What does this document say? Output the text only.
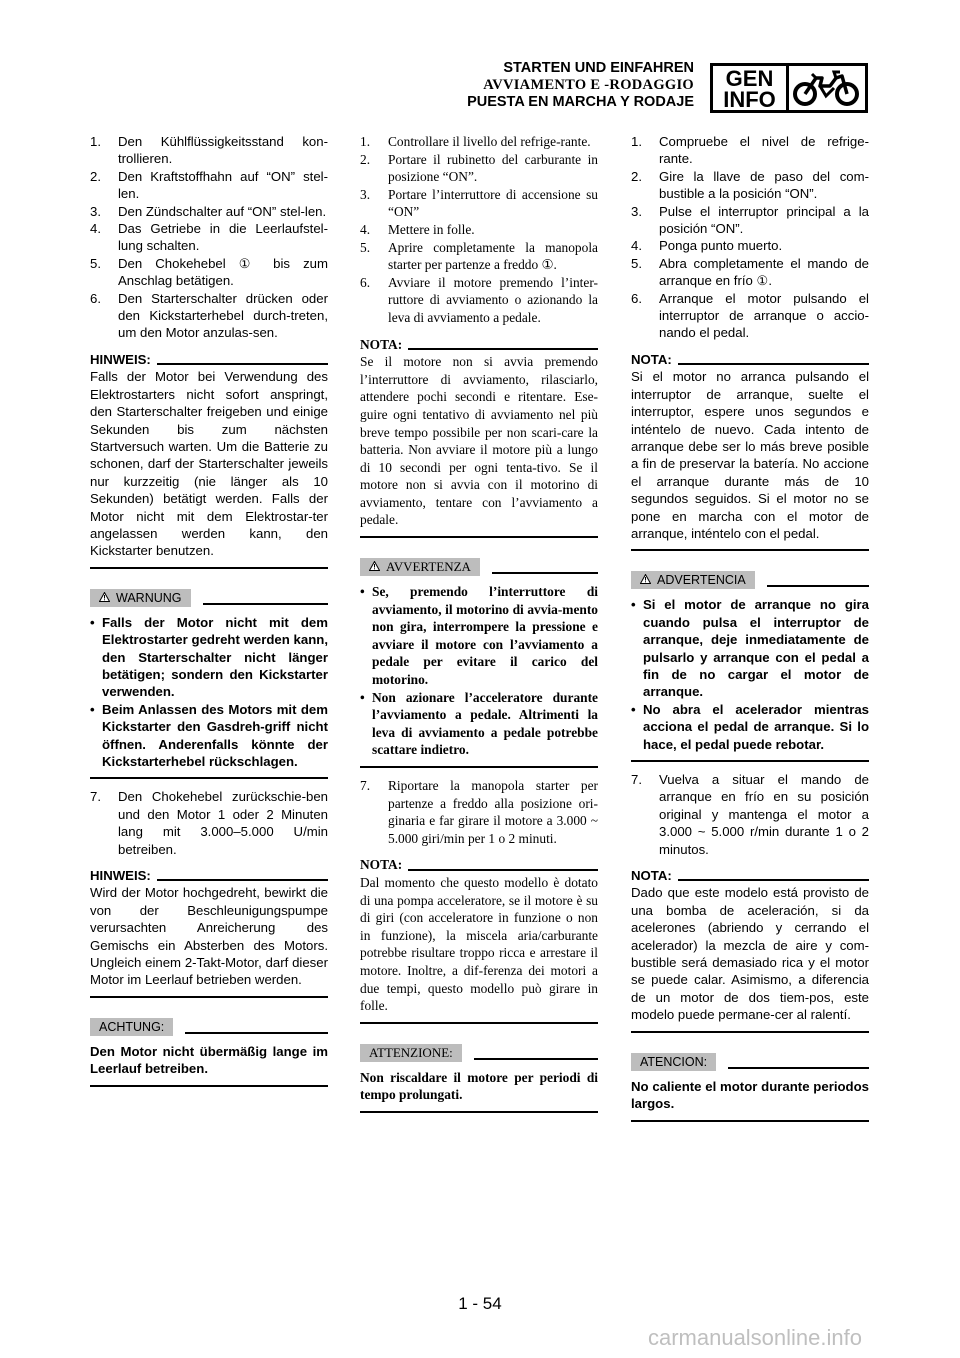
STARTEN UND EINFAHREN
AVVIAMENTO E -RODAGGIO
PUESTA EN MARCHA Y RODAJE
GEN
INFO
1.	Den Kühlflüssigkeitsstand kon-trollieren.
2.	Den Kraftstoffhahn auf “ON” stel-len.
3.	Den Zündschalter auf “ON” stel-len.
4.	Das Getriebe in die Leerlaufstel-lung schalten.
5.	Den Chokehebel ① bis zum Anschlag betätigen.
6.	Den Starterschalter drücken oder den Kickstarterhebel durch-treten, um den Motor anzulas-sen.
HINWEIS:
Falls der Motor bei Verwendung des Elektrostarters nicht sofort anspringt, den Starterschalter freigeben und einige Sekunden bis zum nächsten Startversuch warten. Um die Batterie zu schonen, darf der Starterschalter jeweils nur kurzzeitig (nie länger als 10 Sekunden) betätigt werden. Falls der Motor nicht mit dem Elektrostar-ter angelassen werden kann, den Kickstarter benutzen.
WARNUNG
• Falls der Motor nicht mit dem Elektrostarter gedreht werden kann, den Starterschalter nicht länger betätigen; sondern den Kickstarter verwenden.
• Beim Anlassen des Motors mit dem Kickstarter den Gasdreh-griff nicht öffnen. Anderenfalls könnte der Kickstarterhebel rückschlagen.
7.	Den Chokehebel zurückschie-ben und den Motor 1 oder 2 Minuten lang mit 3.000–5.000 U/min betreiben.
HINWEIS:
Wird der Motor hochgedreht, bewirkt die von der Beschleunigungspumpe verursachten Anreicherung des Gemischs ein Absterben des Motors. Ungleich einem 2-Takt-Motor, darf dieser Motor im Leerlauf betrieben werden.
ACHTUNG:
Den Motor nicht übermäßig lange im Leerlauf betreiben.
1.	Controllare il livello del refrige-rante.
2.	Portare il rubinetto del carburante in posizione “ON”.
3.	Portare l’interruttore di accensione su “ON”
4.	Mettere in folle.
5.	Aprire completamente la manopola starter per partenze a freddo ①.
6.	Avviare il motore premendo l’inter-ruttore di avviamento o azionando la leva di avviamento a pedale.
NOTA:
Se il motore non si avvia premendo l’interruttore di avviamento, rilasciarlo, attendere pochi secondi e ritentare. Ese-guire ogni tentativo di avviamento nel più breve tempo possibile per non scari-care la batteria. Non avviare il motore più a lungo di 10 secondi per ogni tenta-tivo. Se il motore non si avvia con il motorino di avviamento, tentare con l’avviamento a pedale.
AVVERTENZA
• Se, premendo l’interruttore di avviamento, il motorino di avvia-mento non gira, interrompere la pressione e avviare il motore con l’avviamento a pedale per evitare il carico del motorino.
• Non azionare l’acceleratore durante l’avviamento a pedale. Altrimenti la leva di avviamento a pedale potrebbe scattare indietro.
7.	Riportare la manopola starter per partenze a freddo alla posizione ori-ginaria e far girare il motore a 3.000 ~ 5.000 giri/min per 1 o 2 minuti.
NOTA:
Dal momento che questo modello è dotato di una pompa acceleratore, se il motore è su di giri (con acceleratore in funzione o non in funzione), la miscela aria/carburante potrebbe risultare troppo ricca e arrestare il motore. Inoltre, a dif-ferenza dei motori a due tempi, questo modello può girare in folle.
ATTENZIONE:
Non riscaldare il motore per periodi di tempo prolungati.
1.	Compruebe el nivel de refrige-rante.
2.	Gire la llave de paso del com-bustible a la posición “ON”.
3.	Pulse el interruptor principal a la posición “ON”.
4.	Ponga punto muerto.
5.	Abra completamente el mando de arranque en frío ①.
6.	Arranque el motor pulsando el interruptor de arranque o accio-nando el pedal.
NOTA:
Si el motor no arranca pulsando el interruptor de arranque, suelte el interruptor, espere unos segundos e inténtelo de nuevo. Cada intento de arranque debe ser lo más breve posible a fin de preservar la batería. No accione el arranque durante más de 10 segundos seguidos. Si el motor no se pone en marcha con el motor de arranque, inténtelo con el pedal.
ADVERTENCIA
• Si el motor de arranque no gira cuando pulsa el interruptor de arranque, deje inmediatamente de pulsarlo y arranque con el pedal a fin de no cargar el motor de arranque.
• No abra el acelerador mientras acciona el pedal de arranque. Si lo hace, el pedal puede rebotar.
7.	Vuelva a situar el mando de arranque en frío en su posición original y mantenga el motor a 3.000 ~ 5.000 r/min durante 1 o 2 minutos.
NOTA:
Dado que este modelo está provisto de una bomba de aceleración, si da acelerones (abriendo y cerrando el acelerador) la mezcla de aire y com-bustible será demasiado rica y el motor se puede calar. Asimismo, a diferencia de un motor de dos tiem-pos, este modelo puede permane-cer al ralentí.
ATENCION:
No caliente el motor durante periodos largos.
1 - 54
carmanualsonline.info
